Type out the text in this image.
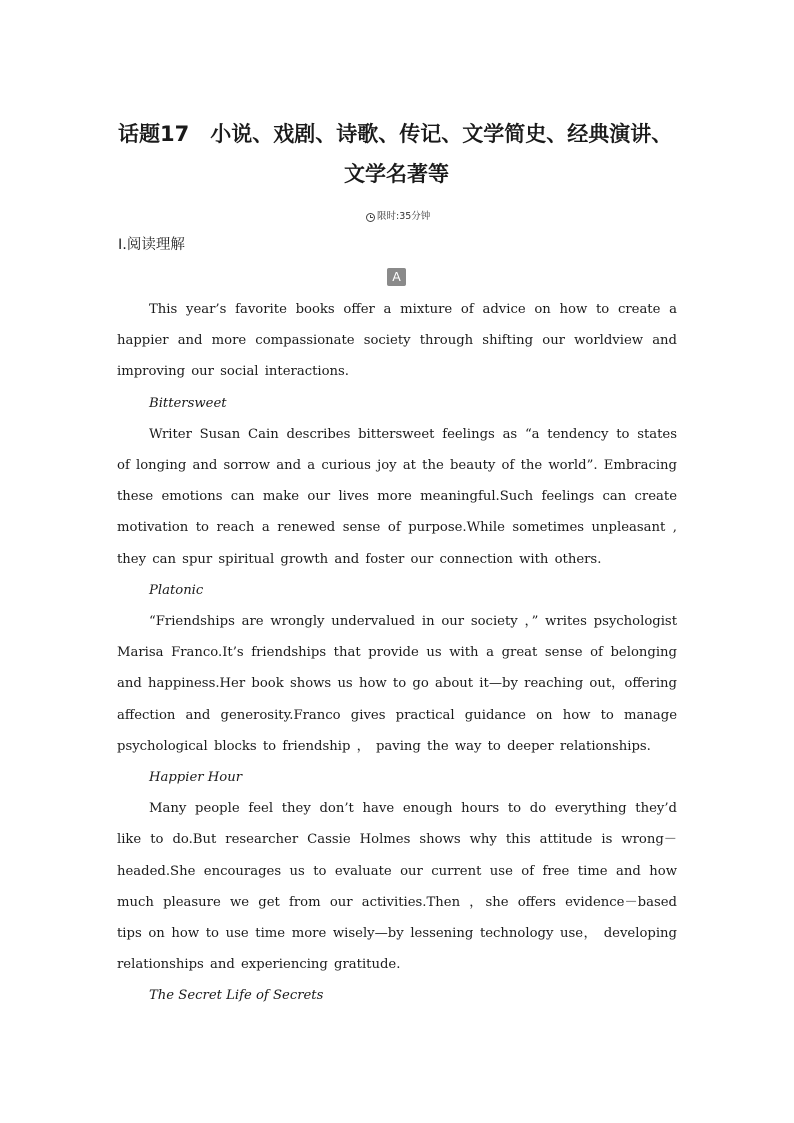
话题17　小说、戏剧、诗歌、传记、文学简史、经典演讲、
文学名著等
限时:35分钟
Ⅰ.阅读理解
A

This year’s favorite books offer a mixture of advice on how to create a happier and more compassionate society through shifting our worldview and improving our social interactions.

Bittersweet

Writer Susan Cain describes bittersweet feelings as “a tendency to states of longing and sorrow and a curious joy at the beauty of the world”. Embracing these emotions can make our lives more meaningful.Such feelings can create motivation to reach a renewed sense of purpose.While sometimes unpleasant , they can spur spiritual growth and foster our connection with others.

Platonic

“Friendships are wrongly undervalued in our society ，” writes psychologist Marisa Franco.It’s friendships that provide us with a great sense of belonging and happiness.Her book shows us how to go about it—by reaching out，offering affection and generosity.Franco gives practical guidance on how to manage psychological blocks to friendship ， paving the way to deeper relationships.

Happier Hour

Many people feel they don’t have enough hours to do everything they’d like to do.But researcher Cassie Holmes shows why this attitude is wrong－headed.She encourages us to evaluate our current use of free time and how much pleasure we get from our activities.Then ，she offers evidence－based tips on how to use time more wisely—by lessening technology use， developing relationships and experiencing gratitude.

The Secret Life of Secrets
